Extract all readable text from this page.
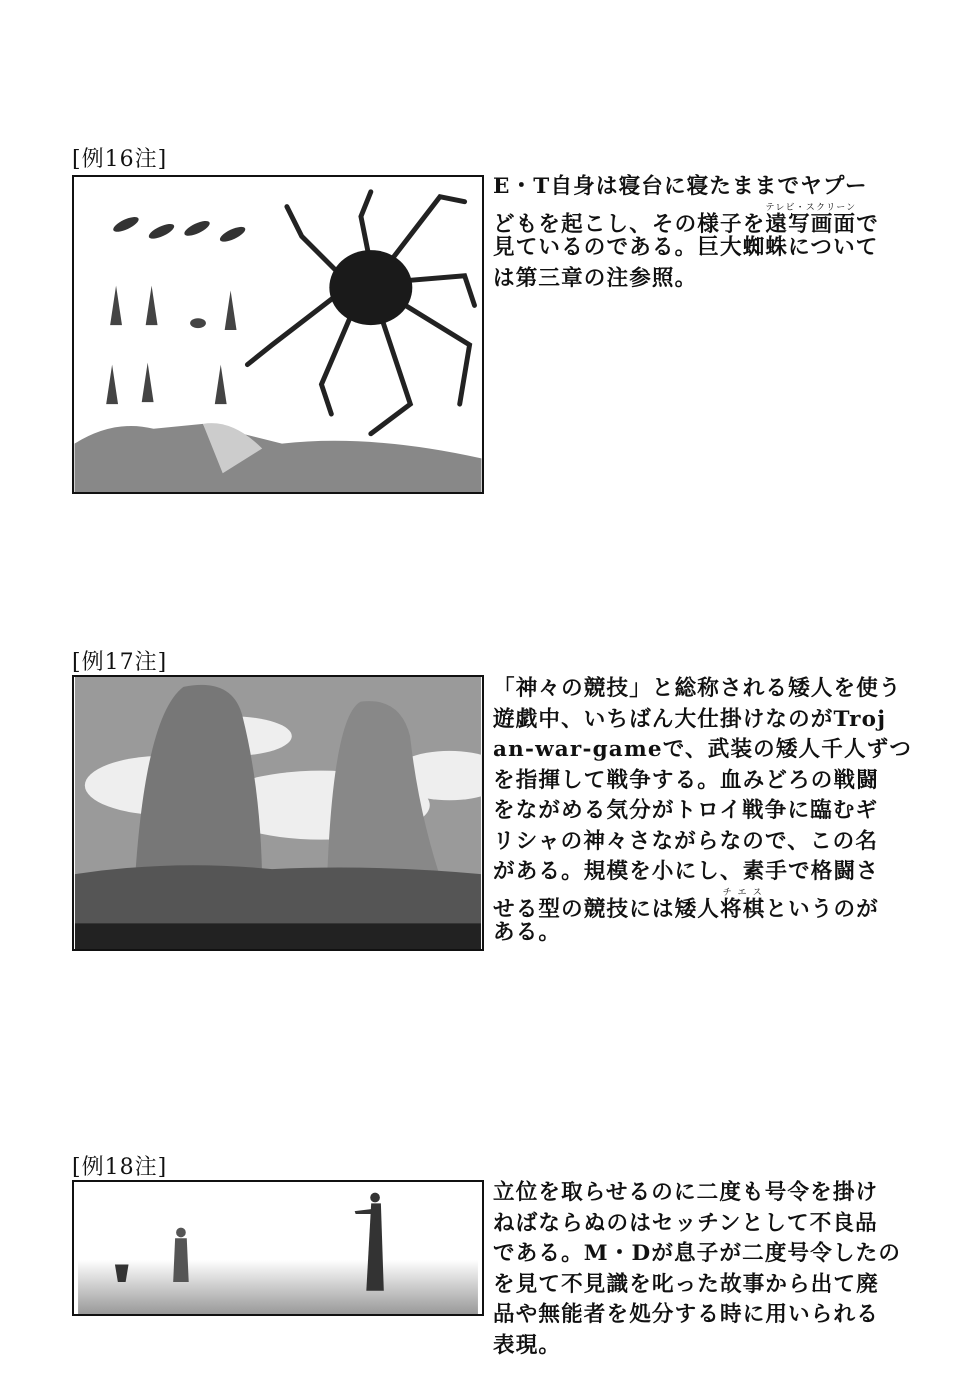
[例16注]
E・T自身は寝台に寝たままでヤプー
どもを起こし、その様子を遠写画面テレビ・スクリーンで
見ているのである。巨大蜘蛛について
は第三章の注参照。
[例17注]
「神々の競技」と総称される矮人を使う
遊戯中、いちばん大仕掛けなのがTroj
an-war-gameで、武装の矮人千人ずつ
を指揮して戦争する。血みどろの戦闘
をながめる気分がトロイ戦争に臨むギ
リシャの神々さながらなので、この名
がある。規模を小にし、素手で格闘さ
せる型の競技には矮人将棋チエスというのが
ある。
[例18注]
立位を取らせるのに二度も号令を掛け
ねばならぬのはセッチンとして不良品
である。M・Dが息子が二度号令したの
を見て不見識を叱った故事から出て廃
品や無能者を処分する時に用いられる
表現。
